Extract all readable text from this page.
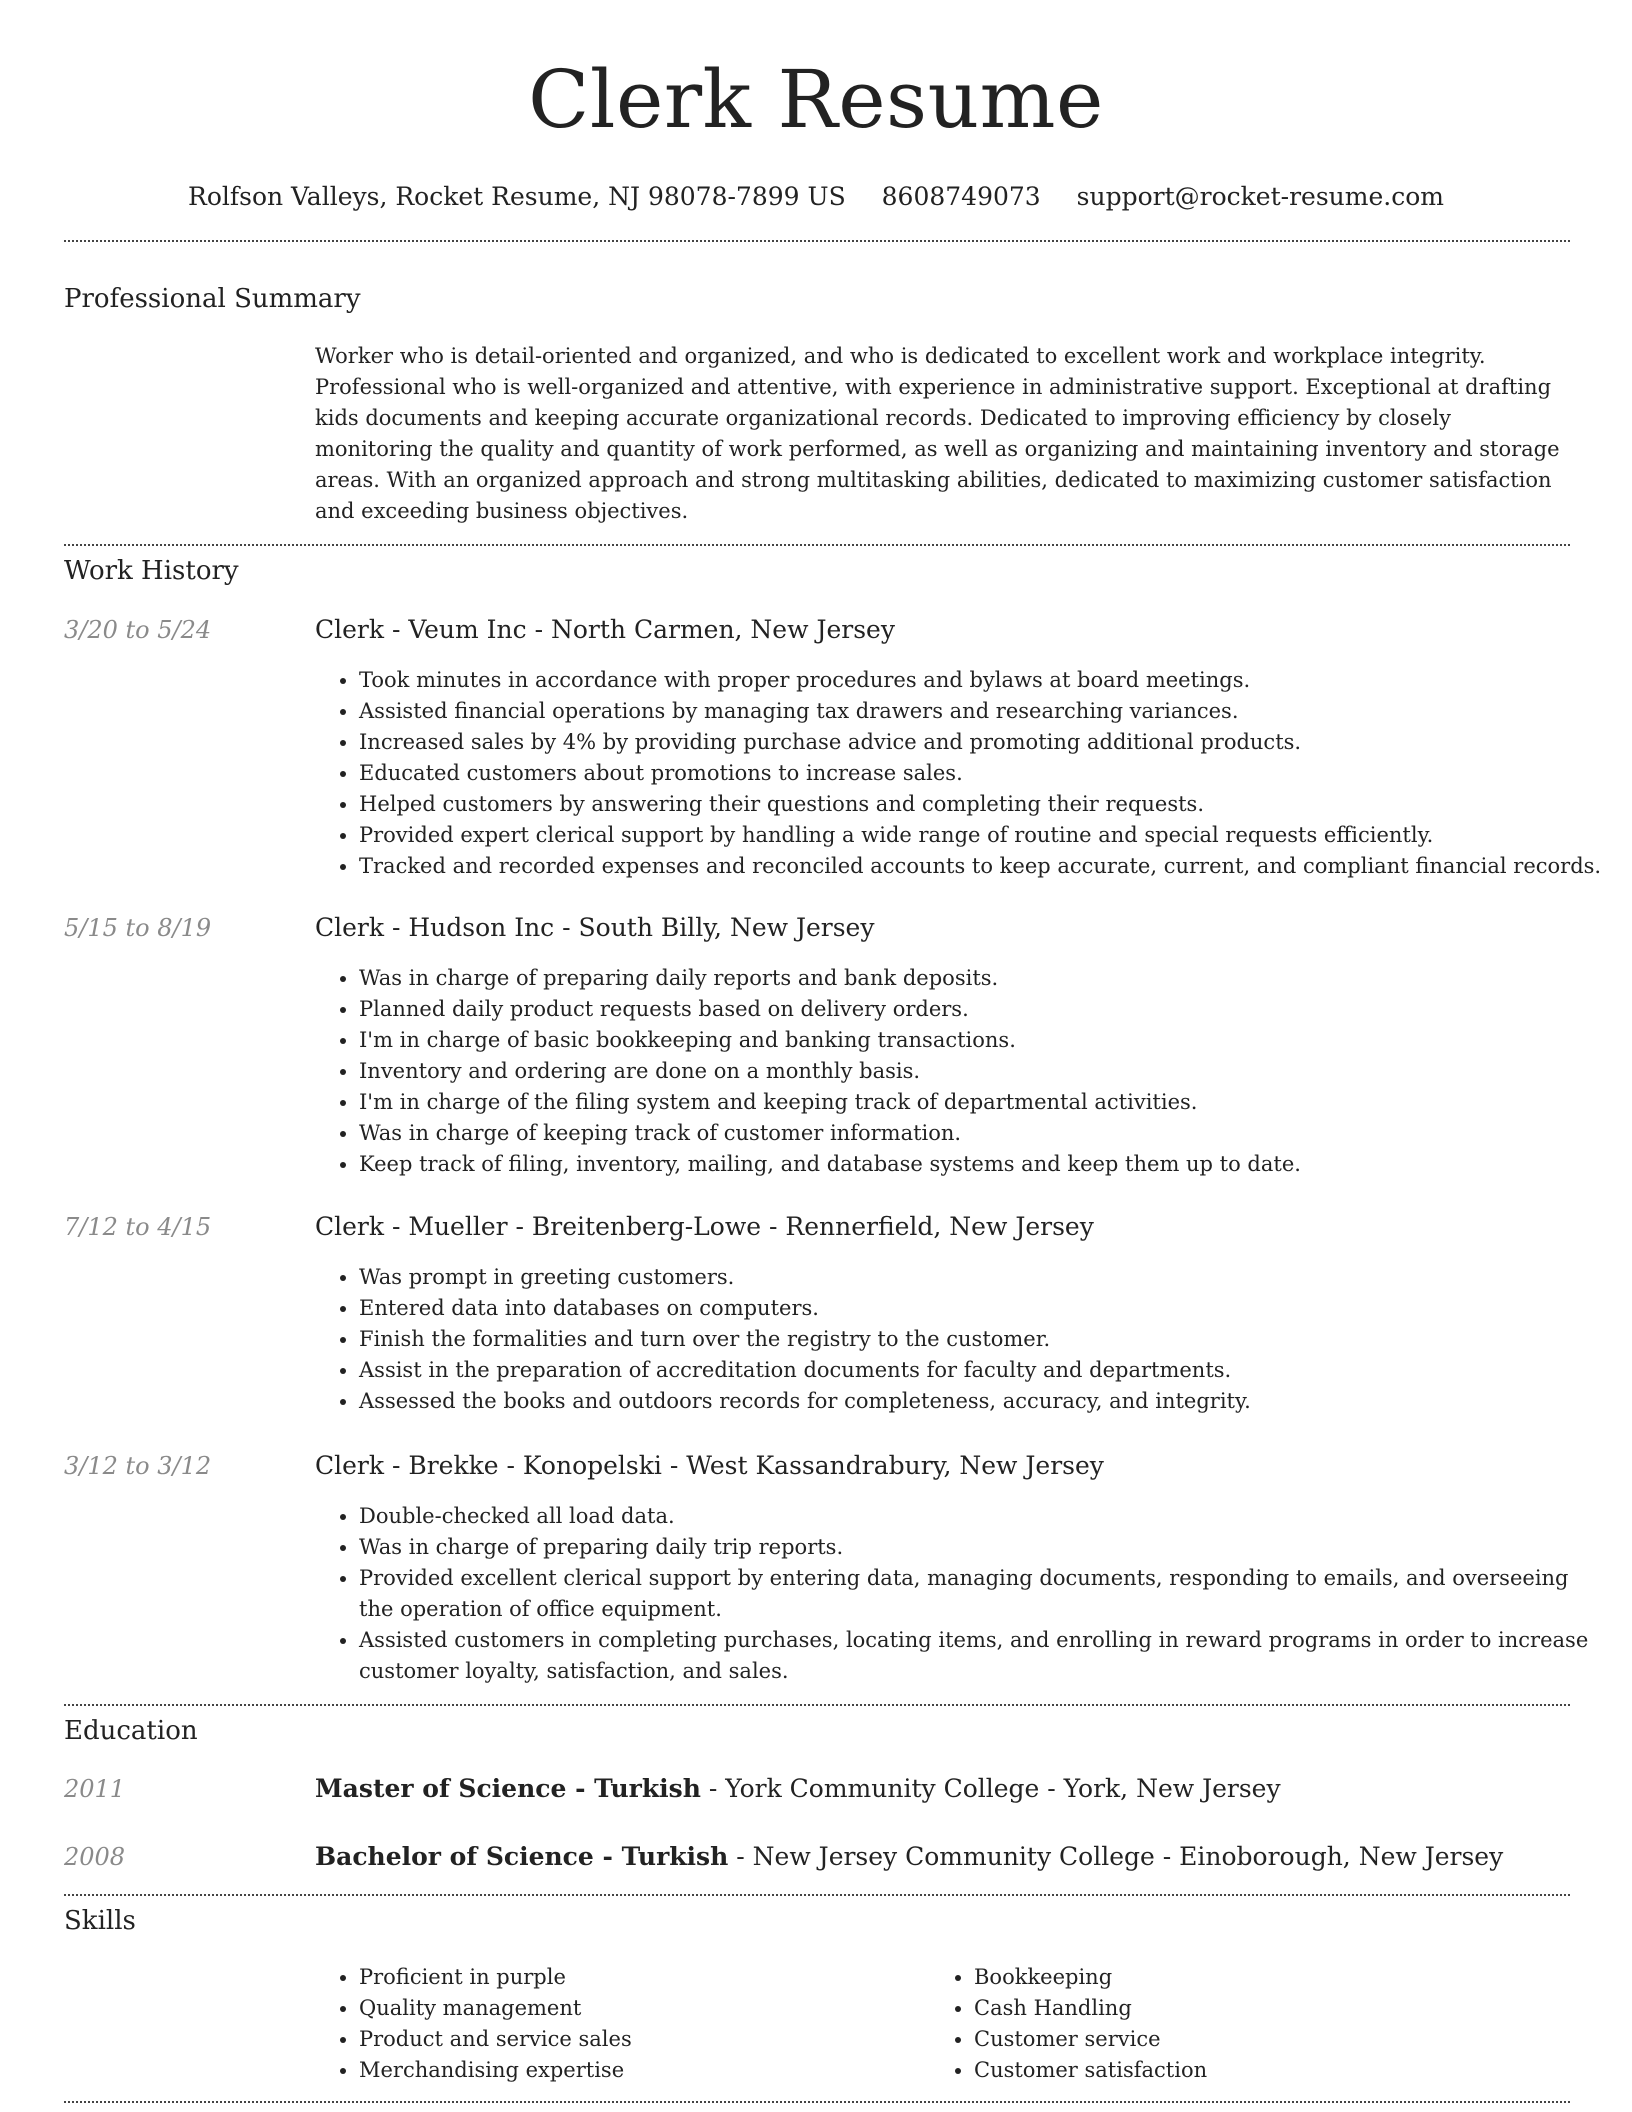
Clerk Resume
Rolfson Valleys, Rocket Resume, NJ 98078-7899 US 8608749073 support@rocket-resume.com
Professional Summary

Worker who is detail-oriented and organized, and who is dedicated to excellent work and workplace integrity. Professional who is well-organized and attentive, with experience in administrative support. Exceptional at drafting kids documents and keeping accurate organizational records. Dedicated to improving efficiency by closely monitoring the quality and quantity of work performed, as well as organizing and maintaining inventory and storage areas. With an organized approach and strong multitasking abilities, dedicated to maximizing customer satisfaction and exceeding business objectives.

Work History
3/20 to 5/24	Clerk - Veum Inc - North Carmen, New Jersey
• Took minutes in accordance with proper procedures and bylaws at board meetings.
• Assisted financial operations by managing tax drawers and researching variances.
• Increased sales by 4% by providing purchase advice and promoting additional products.
• Educated customers about promotions to increase sales.
• Helped customers by answering their questions and completing their requests.
• Provided expert clerical support by handling a wide range of routine and special requests efficiently.
• Tracked and recorded expenses and reconciled accounts to keep accurate, current, and compliant financial records.
5/15 to 8/19	Clerk - Hudson Inc - South Billy, New Jersey
• Was in charge of preparing daily reports and bank deposits.
• Planned daily product requests based on delivery orders.
• I'm in charge of basic bookkeeping and banking transactions.
• Inventory and ordering are done on a monthly basis.
• I'm in charge of the filing system and keeping track of departmental activities.
• Was in charge of keeping track of customer information.
• Keep track of filing, inventory, mailing, and database systems and keep them up to date.
7/12 to 4/15	Clerk - Mueller - Breitenberg-Lowe - Rennerfield, New Jersey
• Was prompt in greeting customers.
• Entered data into databases on computers.
• Finish the formalities and turn over the registry to the customer.
• Assist in the preparation of accreditation documents for faculty and departments.
• Assessed the books and outdoors records for completeness, accuracy, and integrity.
3/12 to 3/12	Clerk - Brekke - Konopelski - West Kassandrabury, New Jersey
• Double-checked all load data.
• Was in charge of preparing daily trip reports.
• Provided excellent clerical support by entering data, managing documents, responding to emails, and overseeing the operation of office equipment.
• Assisted customers in completing purchases, locating items, and enrolling in reward programs in order to increase customer loyalty, satisfaction, and sales.
Education
2011	Master of Science - Turkish - York Community College - York, New Jersey
2008	Bachelor of Science - Turkish - New Jersey Community College - Einoborough, New Jersey
Skills
• Proficient in purple
• Quality management
• Product and service sales
• Merchandising expertise
• Bookkeeping
• Cash Handling
• Customer service
• Customer satisfaction
